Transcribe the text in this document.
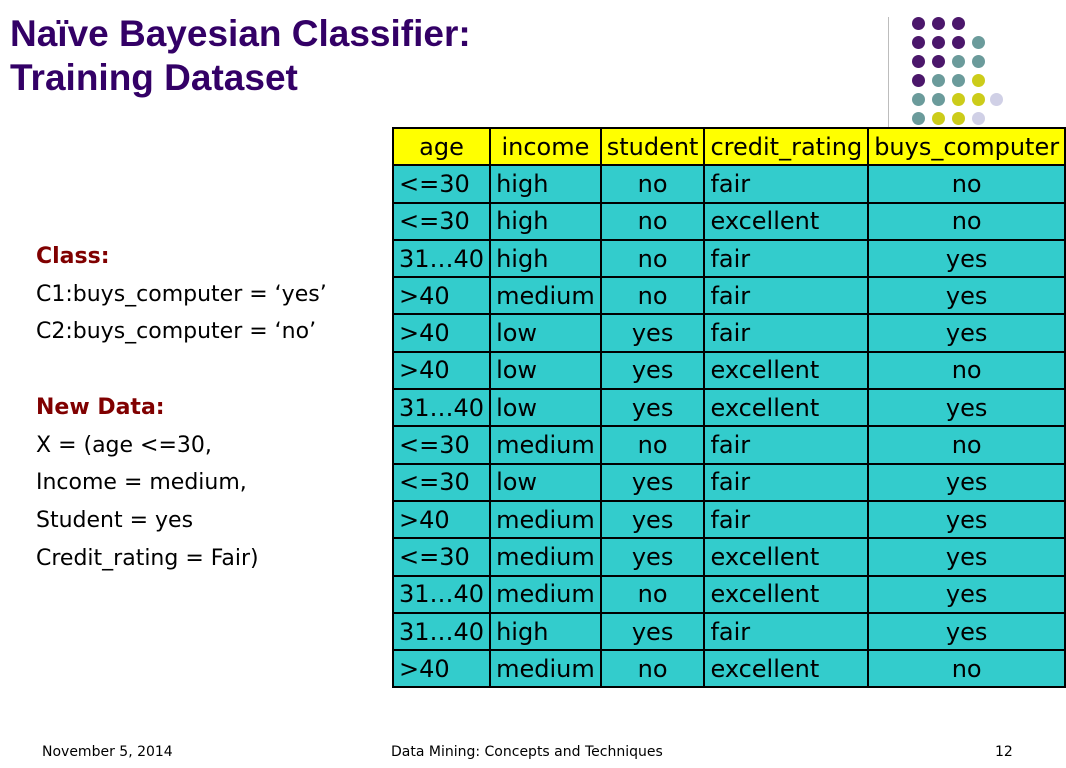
Naïve Bayesian Classifier:
Training Dataset
Class:
C1:buys_computer = ‘yes’
C2:buys_computer = ‘no’
New Data:
X = (age <=30,
Income = medium,
Student = yes
Credit_rating = Fair)
age	income	student	credit_rating	buys_computer
<=30	high	no	fair	no
<=30	high	no	excellent	no
31…40	high	no	fair	yes
>40	medium	no	fair	yes
>40	low	yes	fair	yes
>40	low	yes	excellent	no
31…40	low	yes	excellent	yes
<=30	medium	no	fair	no
<=30	low	yes	fair	yes
>40	medium	yes	fair	yes
<=30	medium	yes	excellent	yes
31…40	medium	no	excellent	yes
31…40	high	yes	fair	yes
>40	medium	no	excellent	no
November 5, 2014	Data Mining: Concepts and Techniques	12
